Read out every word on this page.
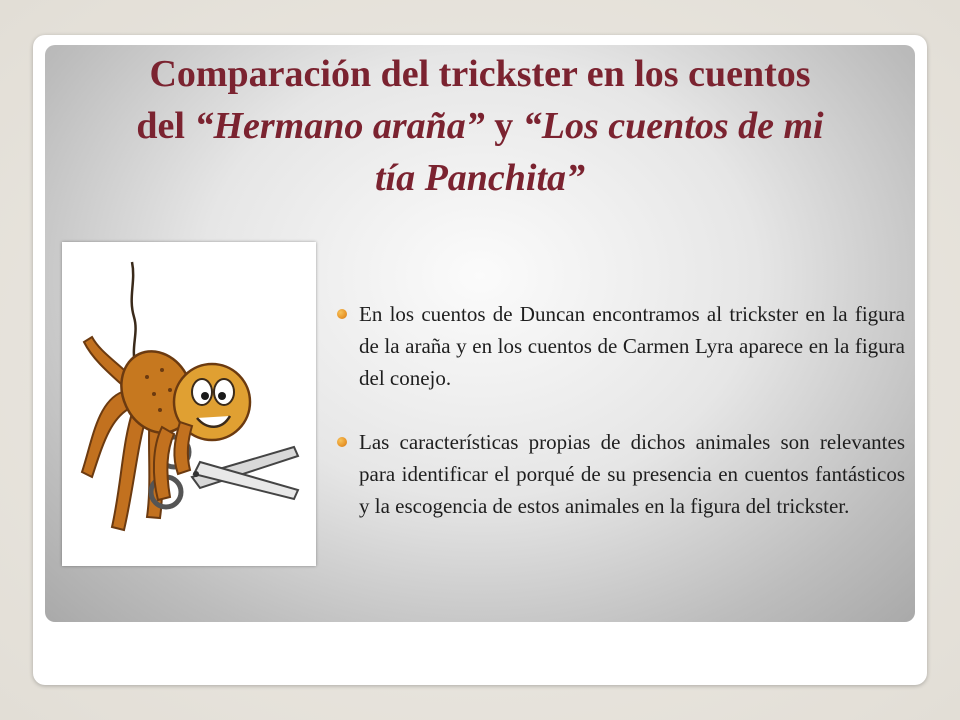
Comparación del trickster en los cuentos
del “Hermano araña” y “Los cuentos de mi
tía Panchita”
En los cuentos de Duncan encontramos al trickster en la figura de la araña y en los cuentos de Carmen Lyra aparece en la figura del conejo.
Las características propias de dichos animales son relevantes para identificar el porqué de su presencia en cuentos fantásticos y la escogencia de estos animales en la figura del trickster.
